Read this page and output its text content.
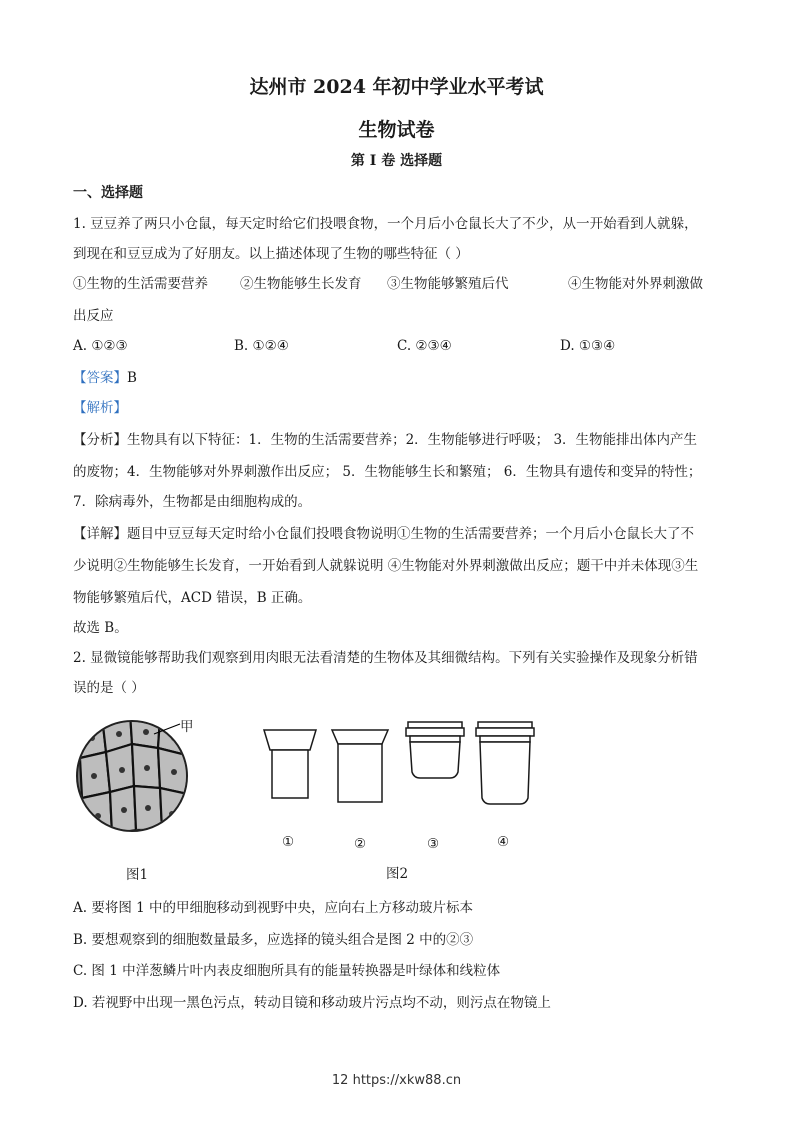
达州市 2024 年初中学业水平考试
生物试卷
第 I 卷 选择题
一、选择题
1. 豆豆养了两只小仓鼠，每天定时给它们投喂食物，一个月后小仓鼠长大了不少，从一开始看到人就躲，
到现在和豆豆成为了好朋友。以上描述体现了生物的哪些特征（ ）
①生物的生活需要营养 ②生物能够生长发育 ③生物能够繁殖后代	④生物能对外界刺激做
出反应
A. ①②③	B. ①②④	C. ②③④	D. ①③④
【答案】B
【解析】
【分析】生物具有以下特征：1．生物的生活需要营养；2．生物能够进行呼吸； 3．生物能排出体内产生
的废物；4．生物能够对外界刺激作出反应； 5．生物能够生长和繁殖； 6．生物具有遗传和变异的特性；
7．除病毒外，生物都是由细胞构成的。
【详解】题目中豆豆每天定时给小仓鼠们投喂食物说明①生物的生活需要营养；一个月后小仓鼠长大了不
少说明②生物能够生长发育，一开始看到人就躲说明 ④生物能对外界刺激做出反应；题干中并未体现③生
物能够繁殖后代，ACD 错误，B 正确。
故选 B。
2. 显微镜能够帮助我们观察到用肉眼无法看清楚的生物体及其细微结构。下列有关实验操作及现象分析错
误的是（ ）
甲
图1
①	②	③	④
图2
A. 要将图 1 中的甲细胞移动到视野中央，应向右上方移动玻片标本
B. 要想观察到的细胞数量最多，应选择的镜头组合是图 2 中的②③
C. 图 1 中洋葱鳞片叶内表皮细胞所具有的能量转换器是叶绿体和线粒体
D. 若视野中出现一黑色污点，转动目镜和移动玻片污点均不动，则污点在物镜上
12 https://xkw88.cn
